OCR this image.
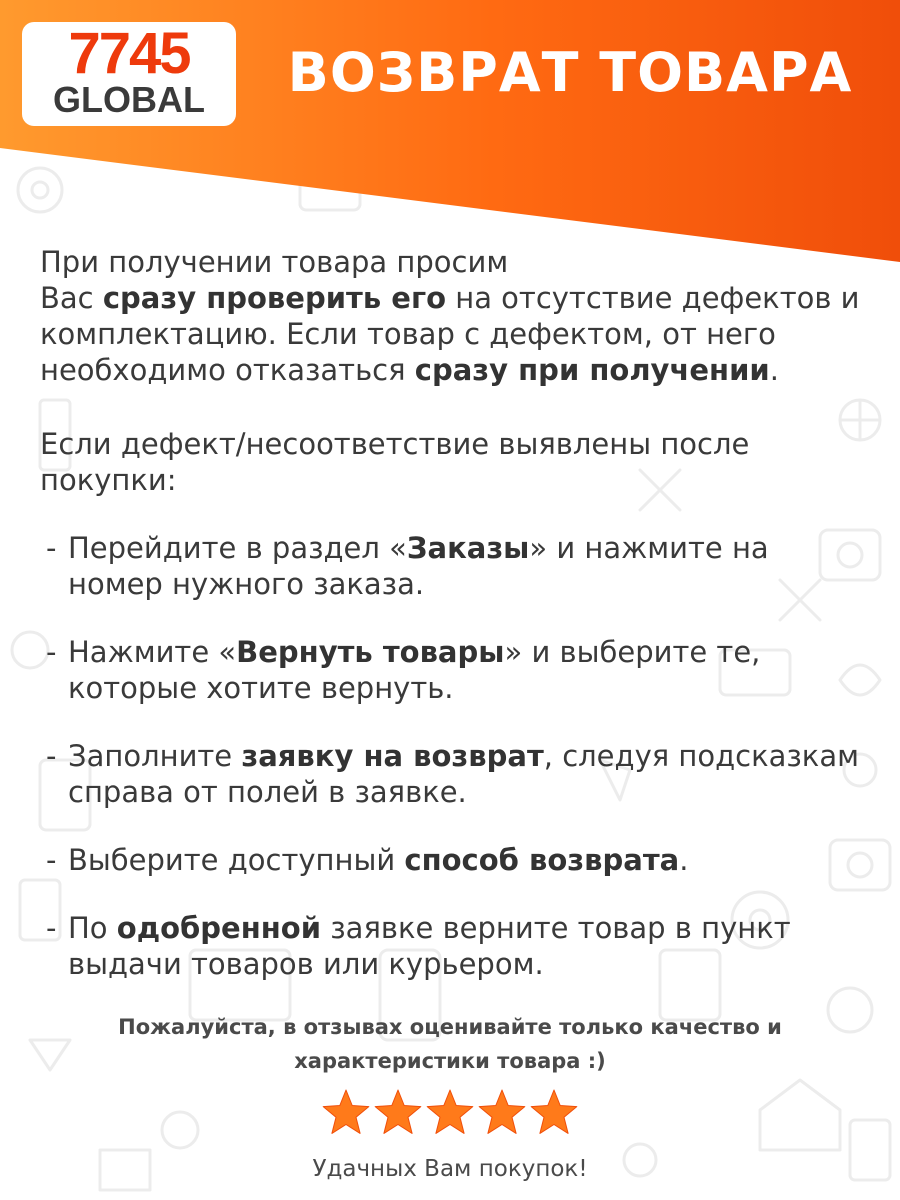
7745
GLOBAL	ВОЗВРАТ ТОВАРА

При получении товара просим
Вас сразу проверить его на отсутствие дефектов и комплектацию. Если товар с дефектом, от него необходимо отказаться сразу при получении.

Если дефект/несоответствие выявлены после покупки:

- Перейдите в раздел «Заказы» и нажмите на номер нужного заказа.
- Нажмите «Вернуть товары» и выберите те, которые хотите вернуть.
- Заполните заявку на возврат, следуя подсказкам справа от полей в заявке.
- Выберите доступный способ возврата.
- По одобренной заявке верните товар в пункт выдачи товаров или курьером.
Пожалуйста, в отзывах оценивайте только качество и
характеристики товара :)
Удачных Вам покупок!
